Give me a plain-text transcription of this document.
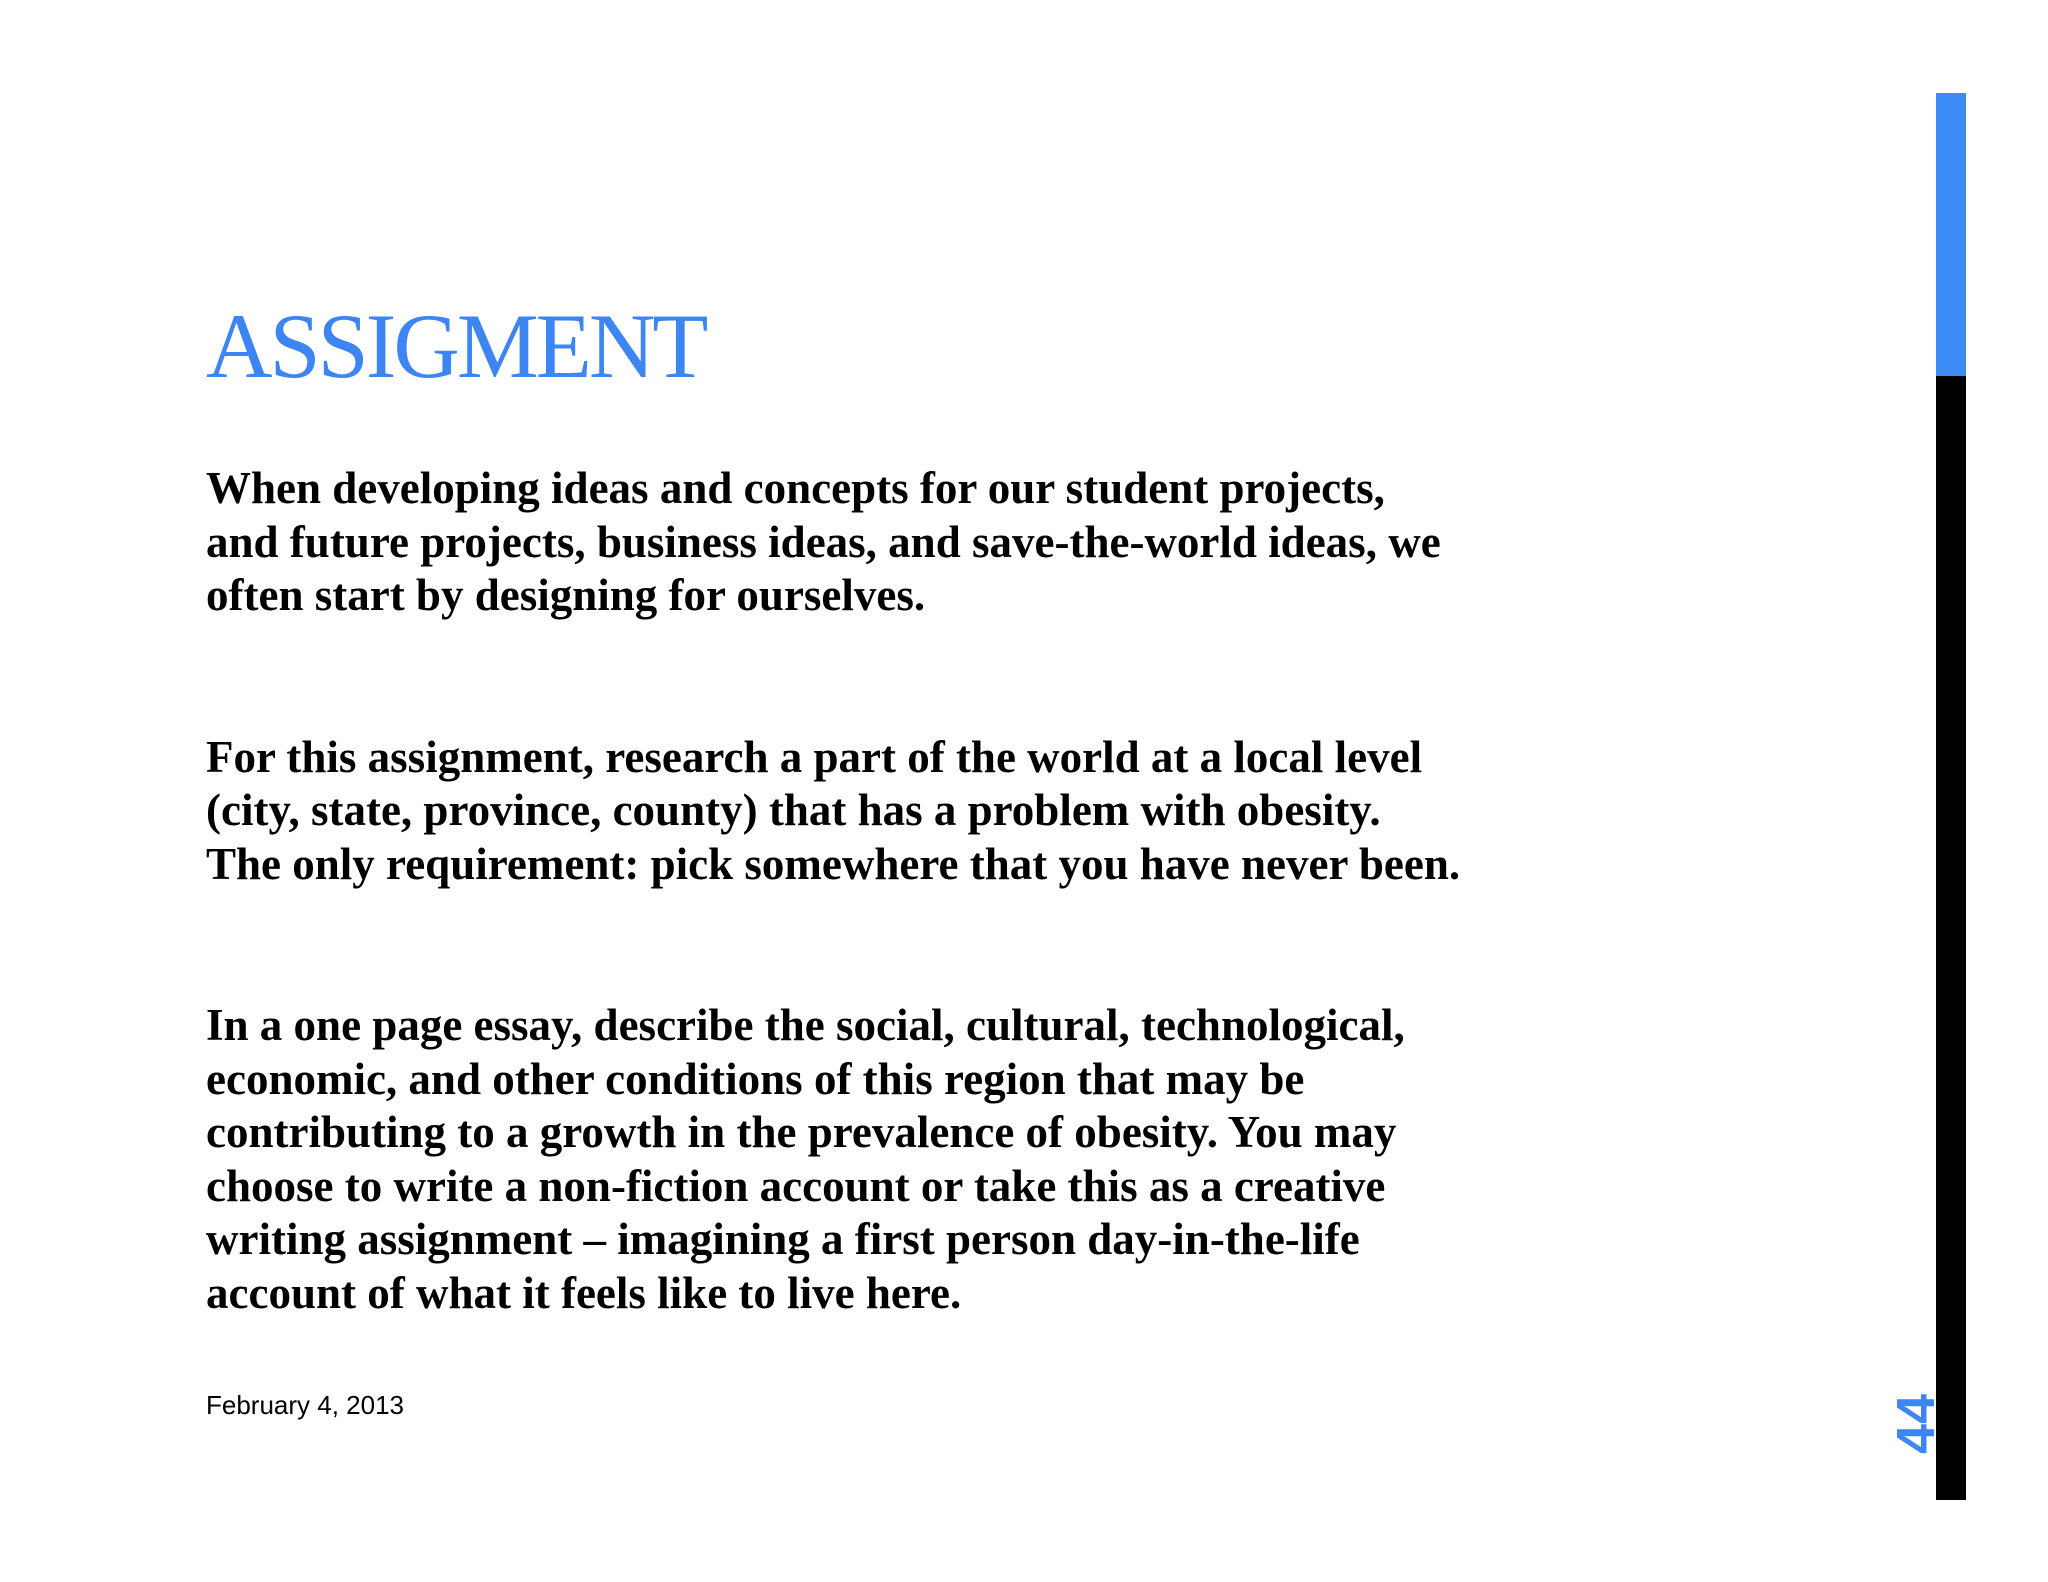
ASSIGMENT

When developing ideas and concepts for our student projects,
and future projects, business ideas, and save-the-world ideas, we
often start by designing for ourselves.

For this assignment, research a part of the world at a local level
(city, state, province, county) that has a problem with obesity.
The only requirement: pick somewhere that you have never been.

In a one page essay, describe the social, cultural, technological,
economic, and other conditions of this region that may be
contributing to a growth in the prevalence of obesity. You may
choose to write a non-fiction account or take this as a creative
writing assignment – imagining a first person day-in-the-life
account of what it feels like to live here.

February 4, 2013	44
